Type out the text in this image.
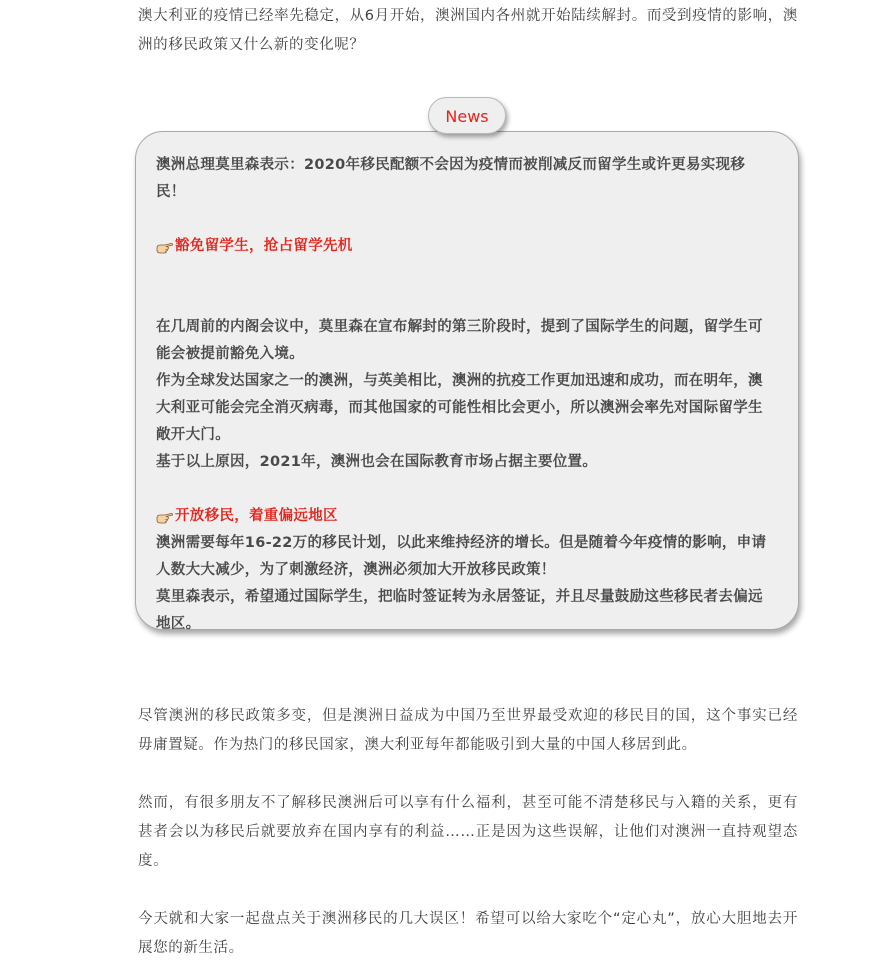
澳大利亚的疫情已经率先稳定，从6月开始，澳洲国内各州就开始陆续解封。而受到疫情的影响，澳洲的移民政策又什么新的变化呢？

News

澳洲总理莫里森表示：2020年移民配额不会因为疫情而被削减反而留学生或许更易实现移民！

豁免留学生，抢占留学先机

在几周前的内阁会议中，莫里森在宣布解封的第三阶段时，提到了国际学生的问题，留学生可能会被提前豁免入境。

作为全球发达国家之一的澳洲，与英美相比，澳洲的抗疫工作更加迅速和成功，而在明年，澳大利亚可能会完全消灭病毒，而其他国家的可能性相比会更小，所以澳洲会率先对国际留学生敞开大门。

基于以上原因，2021年，澳洲也会在国际教育市场占据主要位置。

开放移民，着重偏远地区

澳洲需要每年16-22万的移民计划，以此来维持经济的增长。但是随着今年疫情的影响，申请人数大大减少，为了刺激经济，澳洲必须加大开放移民政策！

莫里森表示，希望通过国际学生，把临时签证转为永居签证，并且尽量鼓励这些移民者去偏远地区。

尽管澳洲的移民政策多变，但是澳洲日益成为中国乃至世界最受欢迎的移民目的国，这个事实已经毋庸置疑。作为热门的移民国家，澳大利亚每年都能吸引到大量的中国人移居到此。

然而，有很多朋友不了解移民澳洲后可以享有什么福利，甚至可能不清楚移民与入籍的关系，更有甚者会以为移民后就要放弃在国内享有的利益……正是因为这些误解，让他们对澳洲一直持观望态度。

今天就和大家一起盘点关于澳洲移民的几大误区！希望可以给大家吃个“定心丸”，放心大胆地去开展您的新生活。
